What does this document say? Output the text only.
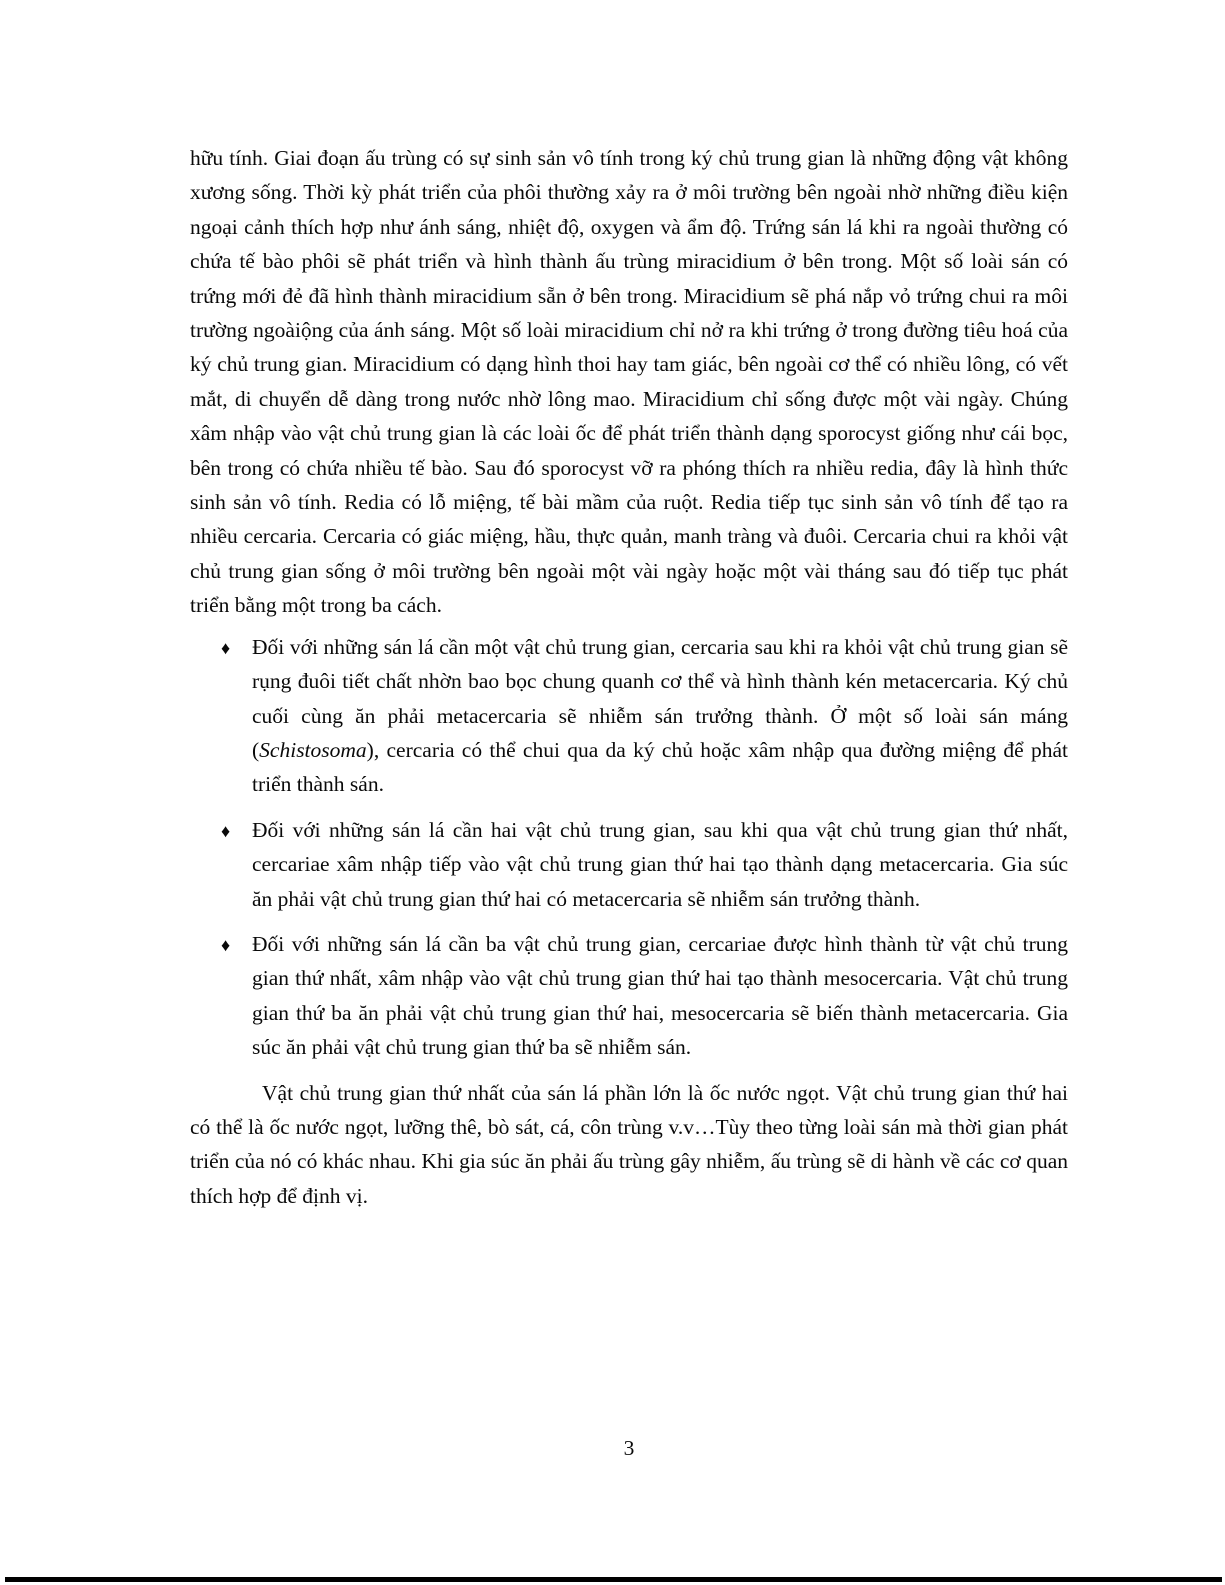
hữu tính. Giai đoạn ấu trùng có sự sinh sản vô tính trong ký chủ trung gian là những động vật không xương sống. Thời kỳ phát triển của phôi thường xảy ra ở môi trường bên ngoài nhờ những điều kiện ngoại cảnh thích hợp như ánh sáng, nhiệt độ, oxygen và ẩm độ. Trứng sán lá khi ra ngoài thường có chứa tế bào phôi sẽ phát triển và hình thành ấu trùng miracidium ở bên trong. Một số loài sán có trứng mới đẻ đã hình thành miracidium sẵn ở bên trong. Miracidium sẽ phá nắp vỏ trứng chui ra môi trường ngoàiộng của ánh sáng. Một số loài miracidium chỉ nở ra khi trứng ở trong đường tiêu hoá của ký chủ trung gian. Miracidium có dạng hình thoi hay tam giác, bên ngoài cơ thể có nhiều lông, có vết mắt, di chuyển dễ dàng trong nước nhờ lông mao. Miracidium chỉ sống được một vài ngày. Chúng xâm nhập vào vật chủ trung gian là các loài ốc để phát triển thành dạng sporocyst giống như cái bọc, bên trong có chứa nhiều tế bào. Sau đó sporocyst vỡ ra phóng thích ra nhiều redia, đây là hình thức sinh sản vô tính. Redia có lỗ miệng, tế bài mầm của ruột. Redia tiếp tục sinh sản vô tính để tạo ra nhiều cercaria. Cercaria có giác miệng, hầu, thực quản, manh tràng và đuôi. Cercaria chui ra khỏi vật chủ trung gian sống ở môi trường bên ngoài một vài ngày hoặc một vài tháng sau đó tiếp tục phát triển bằng một trong ba cách.

♦ Đối với những sán lá cần một vật chủ trung gian, cercaria sau khi ra khỏi vật chủ trung gian sẽ rụng đuôi tiết chất nhờn bao bọc chung quanh cơ thể và hình thành kén metacercaria. Ký chủ cuối cùng ăn phải metacercaria sẽ nhiễm sán trưởng thành. Ở một số loài sán máng (Schistosoma), cercaria có thể chui qua da ký chủ hoặc xâm nhập qua đường miệng để phát triển thành sán.
♦ Đối với những sán lá cần hai vật chủ trung gian, sau khi qua vật chủ trung gian thứ nhất, cercariae xâm nhập tiếp vào vật chủ trung gian thứ hai tạo thành dạng metacercaria. Gia súc ăn phải vật chủ trung gian thứ hai có metacercaria sẽ nhiễm sán trưởng thành.
♦ Đối với những sán lá cần ba vật chủ trung gian, cercariae được hình thành từ vật chủ trung gian thứ nhất, xâm nhập vào vật chủ trung gian thứ hai tạo thành mesocercaria. Vật chủ trung gian thứ ba ăn phải vật chủ trung gian thứ hai, mesocercaria sẽ biến thành metacercaria. Gia súc ăn phải vật chủ trung gian thứ ba sẽ nhiễm sán.

Vật chủ trung gian thứ nhất của sán lá phần lớn là ốc nước ngọt. Vật chủ trung gian thứ hai có thể là ốc nước ngọt, lưỡng thê, bò sát, cá, côn trùng v.v…Tùy theo từng loài sán mà thời gian phát triển của nó có khác nhau. Khi gia súc ăn phải ấu trùng gây nhiễm, ấu trùng sẽ di hành về các cơ quan thích hợp để định vị.

3
